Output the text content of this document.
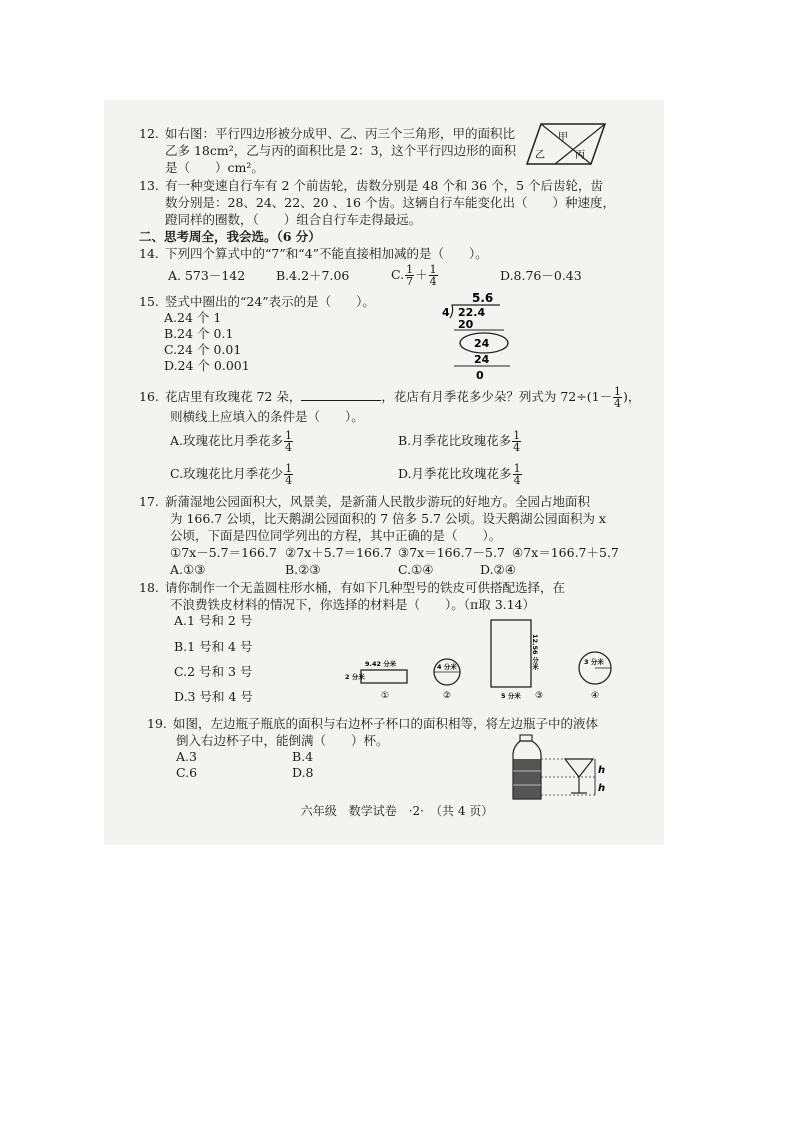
12. 如右图：平行四边形被分成甲、乙、丙三个三角形，甲的面积比
乙多 18cm²，乙与丙的面积比是 2：3，这个平行四边形的面积
是（　　）cm²。
甲
乙	丙
13. 有一种变速自行车有 2 个前齿轮，齿数分别是 48 个和 36 个，5 个后齿轮，齿
数分别是：28、24、22、20 、16 个齿。这辆自行车能变化出（　　）种速度，
蹬同样的圈数，（　　）组合自行车走得最远。
二、思考周全，我会选。（6 分）
14. 下列四个算式中的“7”和“4”不能直接相加减的是（　　）。
A. 573－142 B.4.2＋7.06	C. $\frac{1}{7} + \frac{1}{4}$	D.8.76－0.43
15. 竖式中圈出的“24”表示的是（　　）。
A.24 个 1
B.24 个 0.1
C.24 个 0.01
D.24 个 0.001
5.6
4 22.4
20
24
24
0
16. 花店里有玫瑰花 72 朵，	，花店有月季花多少朵？列式为 $72\div(1- \frac{1}{4}$ )，
则横线上应填入的条件是（　　）。
A.玫瑰花比月季花多 $\frac{1}{4}$	B.月季花比玫瑰花多 $\frac{1}{4}$
C.玫瑰花比月季花少 $\frac{1}{4}$	D.月季花比玫瑰花多 $\frac{1}{4}$
17. 新蒲湿地公园面积大，风景美，是新蒲人民散步游玩的好地方。全园占地面积
为 166.7 公顷，比天鹅湖公园面积的 7 倍多 5.7 公顷。设天鹅湖公园面积为 x
公顷，下面是四位同学列出的方程，其中正确的是（　　）。
①7x－5.7＝166.7 ②7x＋5.7＝166.7 ③7x＝166.7－5.7 ④7x＝166.7＋5.7
A.①③	B.②③	C.①④	D.②④
18. 请你制作一个无盖圆柱形水桶，有如下几种型号的铁皮可供搭配选择，在
不浪费铁皮材料的情况下，你选择的材料是（　　）。（π取 3.14）
A.1 号和 2 号
B.1 号和 4 号
C.2 号和 3 号
D.3 号和 4 号
9.42 分米
2 分米
①
4 分米
②
12.56 分米
5 分米 ③
3 分米
④
19. 如图，左边瓶子瓶底的面积与右边杯子杯口的面积相等，将左边瓶子中的液体
倒入右边杯子中，能倒满（　　）杯。
A.3	B.4
C.6	D.8	h
h
六年级　数学试卷　·2·　（共 4 页）
